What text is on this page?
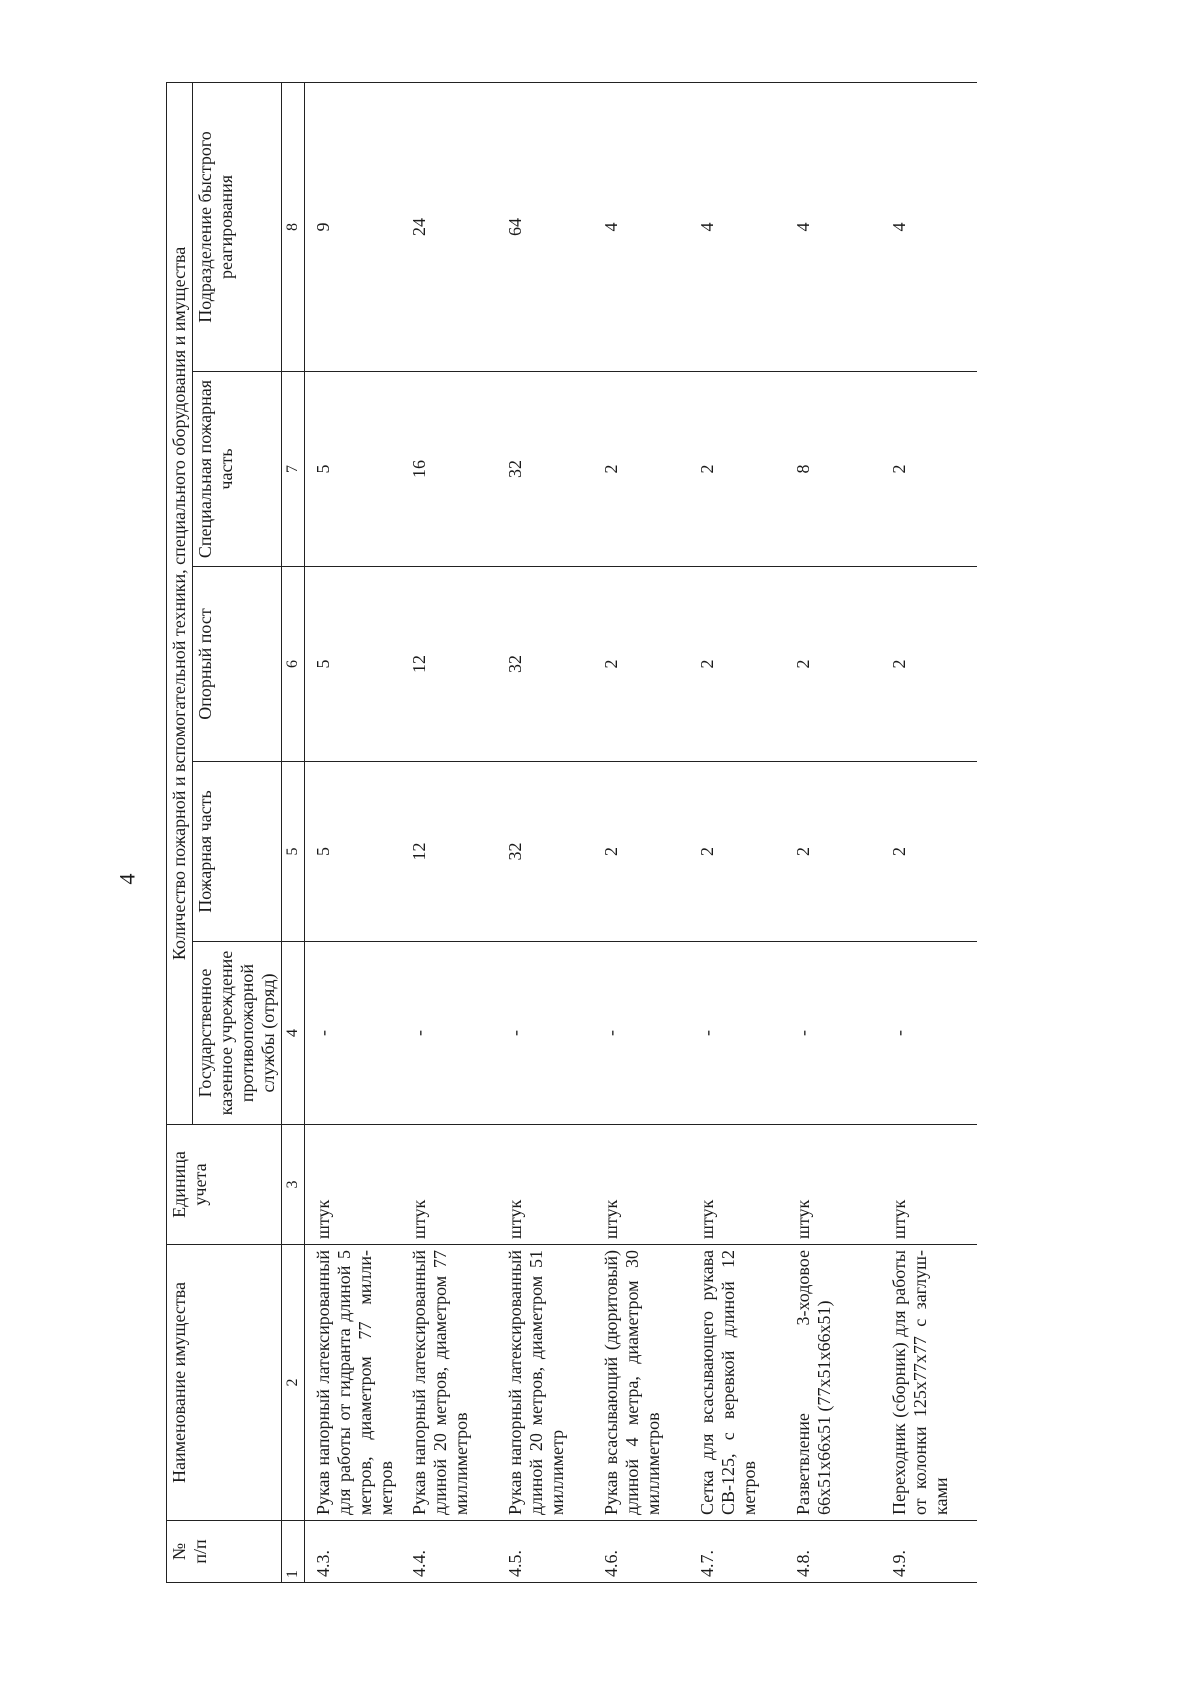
4
№
п/п	Наименование имущества	Единица учета	Количество пожарной и вспомогательной техники, специального оборудования и имущества				
			Государственное казенное учреждение противопожарной службы (отряд)	Пожарная часть	Опорный пост	Специальная пожарная часть	Подразделение быстрого реагирования
1	2	3	4	5	6	7	8
4.3.	Рукав напорный латексированный для работы от гидранта длиной 5 метров, диаметром 77 милли-метров	штук	-	5	5	5	9
4.4.	Рукав напорный латексированный длиной 20 метров, диаметром 77 миллиметров	штук	-	12	12	16	24
4.5.	Рукав напорный латексированный длиной 20 метров, диаметром 51 миллиметр	штук	-	32	32	32	64
4.6.	Рукав всасывающий (дюритовый) длиной 4 метра, диаметром 30 миллиметров	штук	-	2	2	2	4
4.7.	Сетка для всасывающего рукава СВ-125, с веревкой длиной 12 метров	штук	-	2	2	2	4
4.8.	Разветвление 3-ходовое 66x51x66x51 (77x51x66x51)	штук	-	2	2	8	4
4.9.	Переходник (сборник) для работы от колонки 125x77x77 с заглуш-ками	штук	-	2	2	2	4
